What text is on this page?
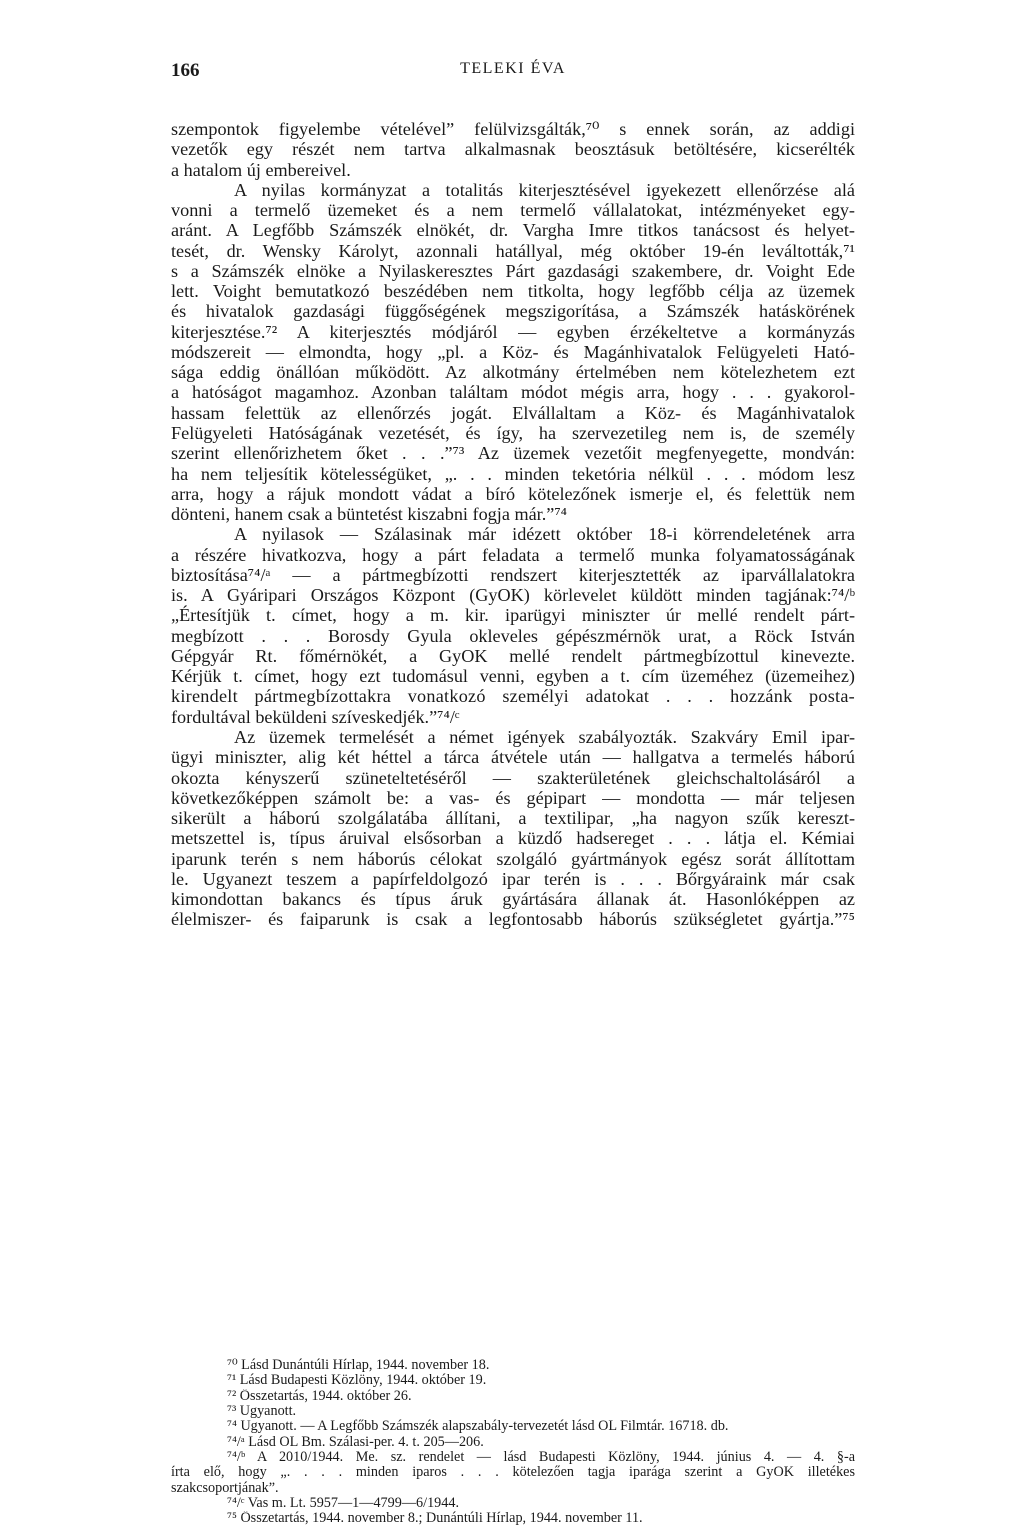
166	TELEKI ÉVA
szempontok figyelembe vételével” felülvizsgálták,⁷⁰ s ennek során, az addigi
vezetők egy részét nem tartva alkalmasnak beosztásuk betöltésére, kicserélték
a hatalom új embereivel.
A nyilas kormányzat a totalitás kiterjesztésével igyekezett ellenőrzése alá
vonni a termelő üzemeket és a nem termelő vállalatokat, intézményeket egy-
aránt. A Legfőbb Számszék elnökét, dr. Vargha Imre titkos tanácsost és helyet-
tesét, dr. Wensky Károlyt, azonnali hatállyal, még október 19-én leváltották,⁷¹
s a Számszék elnöke a Nyilaskeresztes Párt gazdasági szakembere, dr. Voight Ede
lett. Voight bemutatkozó beszédében nem titkolta, hogy legfőbb célja az üzemek
és hivatalok gazdasági függőségének megszigorítása, a Számszék hatáskörének
kiterjesztése.⁷² A kiterjesztés módjáról — egyben érzékeltetve a kormányzás
módszereit — elmondta, hogy „pl. a Köz- és Magánhivatalok Felügyeleti Ható-
sága eddig önállóan működött. Az alkotmány értelmében nem kötelezhetem ezt
a hatóságot magamhoz. Azonban találtam módot mégis arra, hogy . . . gyakorol-
hassam felettük az ellenőrzés jogát. Elvállaltam a Köz- és Magánhivatalok
Felügyeleti Hatóságának vezetését, és így, ha szervezetileg nem is, de személy
szerint ellenőrizhetem őket . . .”⁷³ Az üzemek vezetőit megfenyegette, mondván:
ha nem teljesítik kötelességüket, „. . . minden teketória nélkül . . . módom lesz
arra, hogy a rájuk mondott vádat a bíró kötelezőnek ismerje el, és felettük nem
dönteni, hanem csak a büntetést kiszabni fogja már.”⁷⁴
A nyilasok — Szálasinak már idézett október 18-i körrendeletének arra
a részére hivatkozva, hogy a párt feladata a termelő munka folyamatosságának
biztosítása⁷⁴/ᵃ — a pártmegbízotti rendszert kiterjesztették az iparvállalatokra
is. A Gyáripari Országos Központ (GyOK) körlevelet küldött minden tagjának:⁷⁴/ᵇ
„Értesítjük t. címet, hogy a m. kir. iparügyi miniszter úr mellé rendelt párt-
megbízott . . . Borosdy Gyula okleveles gépészmérnök urat, a Röck István
Gépgyár Rt. főmérnökét, a GyOK mellé rendelt pártmegbízottul kinevezte.
Kérjük t. címet, hogy ezt tudomásul venni, egyben a t. cím üzeméhez (üzemeihez)
kirendelt pártmegbízottakra vonatkozó személyi adatokat . . . hozzánk posta-
fordultával beküldeni szíveskedjék.”⁷⁴/ᶜ
Az üzemek termelését a német igények szabályozták. Szakváry Emil ipar-
ügyi miniszter, alig két héttel a tárca átvétele után — hallgatva a termelés háború
okozta kényszerű szüneteltetéséről — szakterületének gleichschaltolásáról a
következőképpen számolt be: a vas- és gépipart — mondotta — már teljesen
sikerült a háború szolgálatába állítani, a textilipar, „ha nagyon szűk kereszt-
metszettel is, típus áruival elsősorban a küzdő hadsereget . . . látja el. Kémiai
iparunk terén s nem háborús célokat szolgáló gyártmányok egész sorát állítottam
le. Ugyanezt teszem a papírfeldolgozó ipar terén is . . . Bőrgyáraink már csak
kimondottan bakancs és típus áruk gyártására állanak át. Hasonlóképpen az
élelmiszer- és faiparunk is csak a legfontosabb háborús szükségletet gyártja.”⁷⁵
⁷⁰ Lásd Dunántúli Hírlap, 1944. november 18.
⁷¹ Lásd Budapesti Közlöny, 1944. október 19.
⁷² Összetartás, 1944. október 26.
⁷³ Ugyanott.
⁷⁴ Ugyanott. — A Legfőbb Számszék alapszabály-tervezetét lásd OL Filmtár. 16718. db.
⁷⁴/ᵃ Lásd OL Bm. Szálasi-per. 4. t. 205—206.
⁷⁴/ᵇ A 2010/1944. Me. sz. rendelet — lásd Budapesti Közlöny, 1944. június 4. — 4. §-a
írta elő, hogy „. . . . minden iparos . . . kötelezően tagja iparága szerint a GyOK illetékes
szakcsoportjának”.
⁷⁴/ᶜ Vas m. Lt. 5957—1—4799—6/1944.
⁷⁵ Összetartás, 1944. november 8.; Dunántúli Hírlap, 1944. november 11.
